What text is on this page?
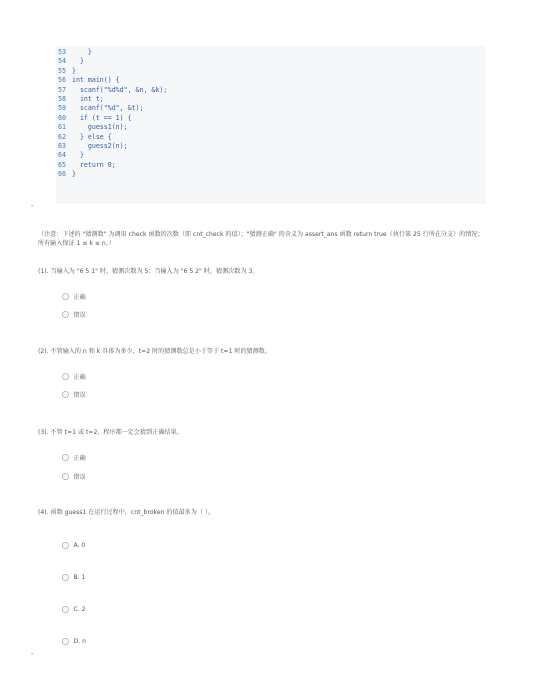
53 }
54 }
55 }
56 int main() {
57 scanf("%d%d", &n, &k);
58 int t;
59 scanf("%d", &t);
60 if (t == 1) {
61 guess1(n);
62 } else {
63 guess2(n);
64 }
65 return 0;
66 }
-
（注意：下述的 "猜测数" 为调用 check 函数的次数（即 cnt_check 的值）；"猜测正确" 的含义为 assert_ans 函数 return true（执行第 25 行所在分支）的情况；所有输入保证 1 ≤ k ≤ n。）
(1). 当输入为 "6 5 1" 时，猜测次数为 5；当输入为 "6 5 2" 时，猜测次数为 3。
正确
错误
(2). 不管输入的 n 和 k 具体为多少，t=2 时的猜测数总是小于等于 t=1 时的猜测数。
正确
错误
(3). 不管 t=1 或 t=2，程序都一定会猜到正确结果。
正确
错误
(4). 函数 guess1 在运行过程中，cnt_broken 的值最多为（ ）。
A. 0
B. 1
C. 2
D. n
-
